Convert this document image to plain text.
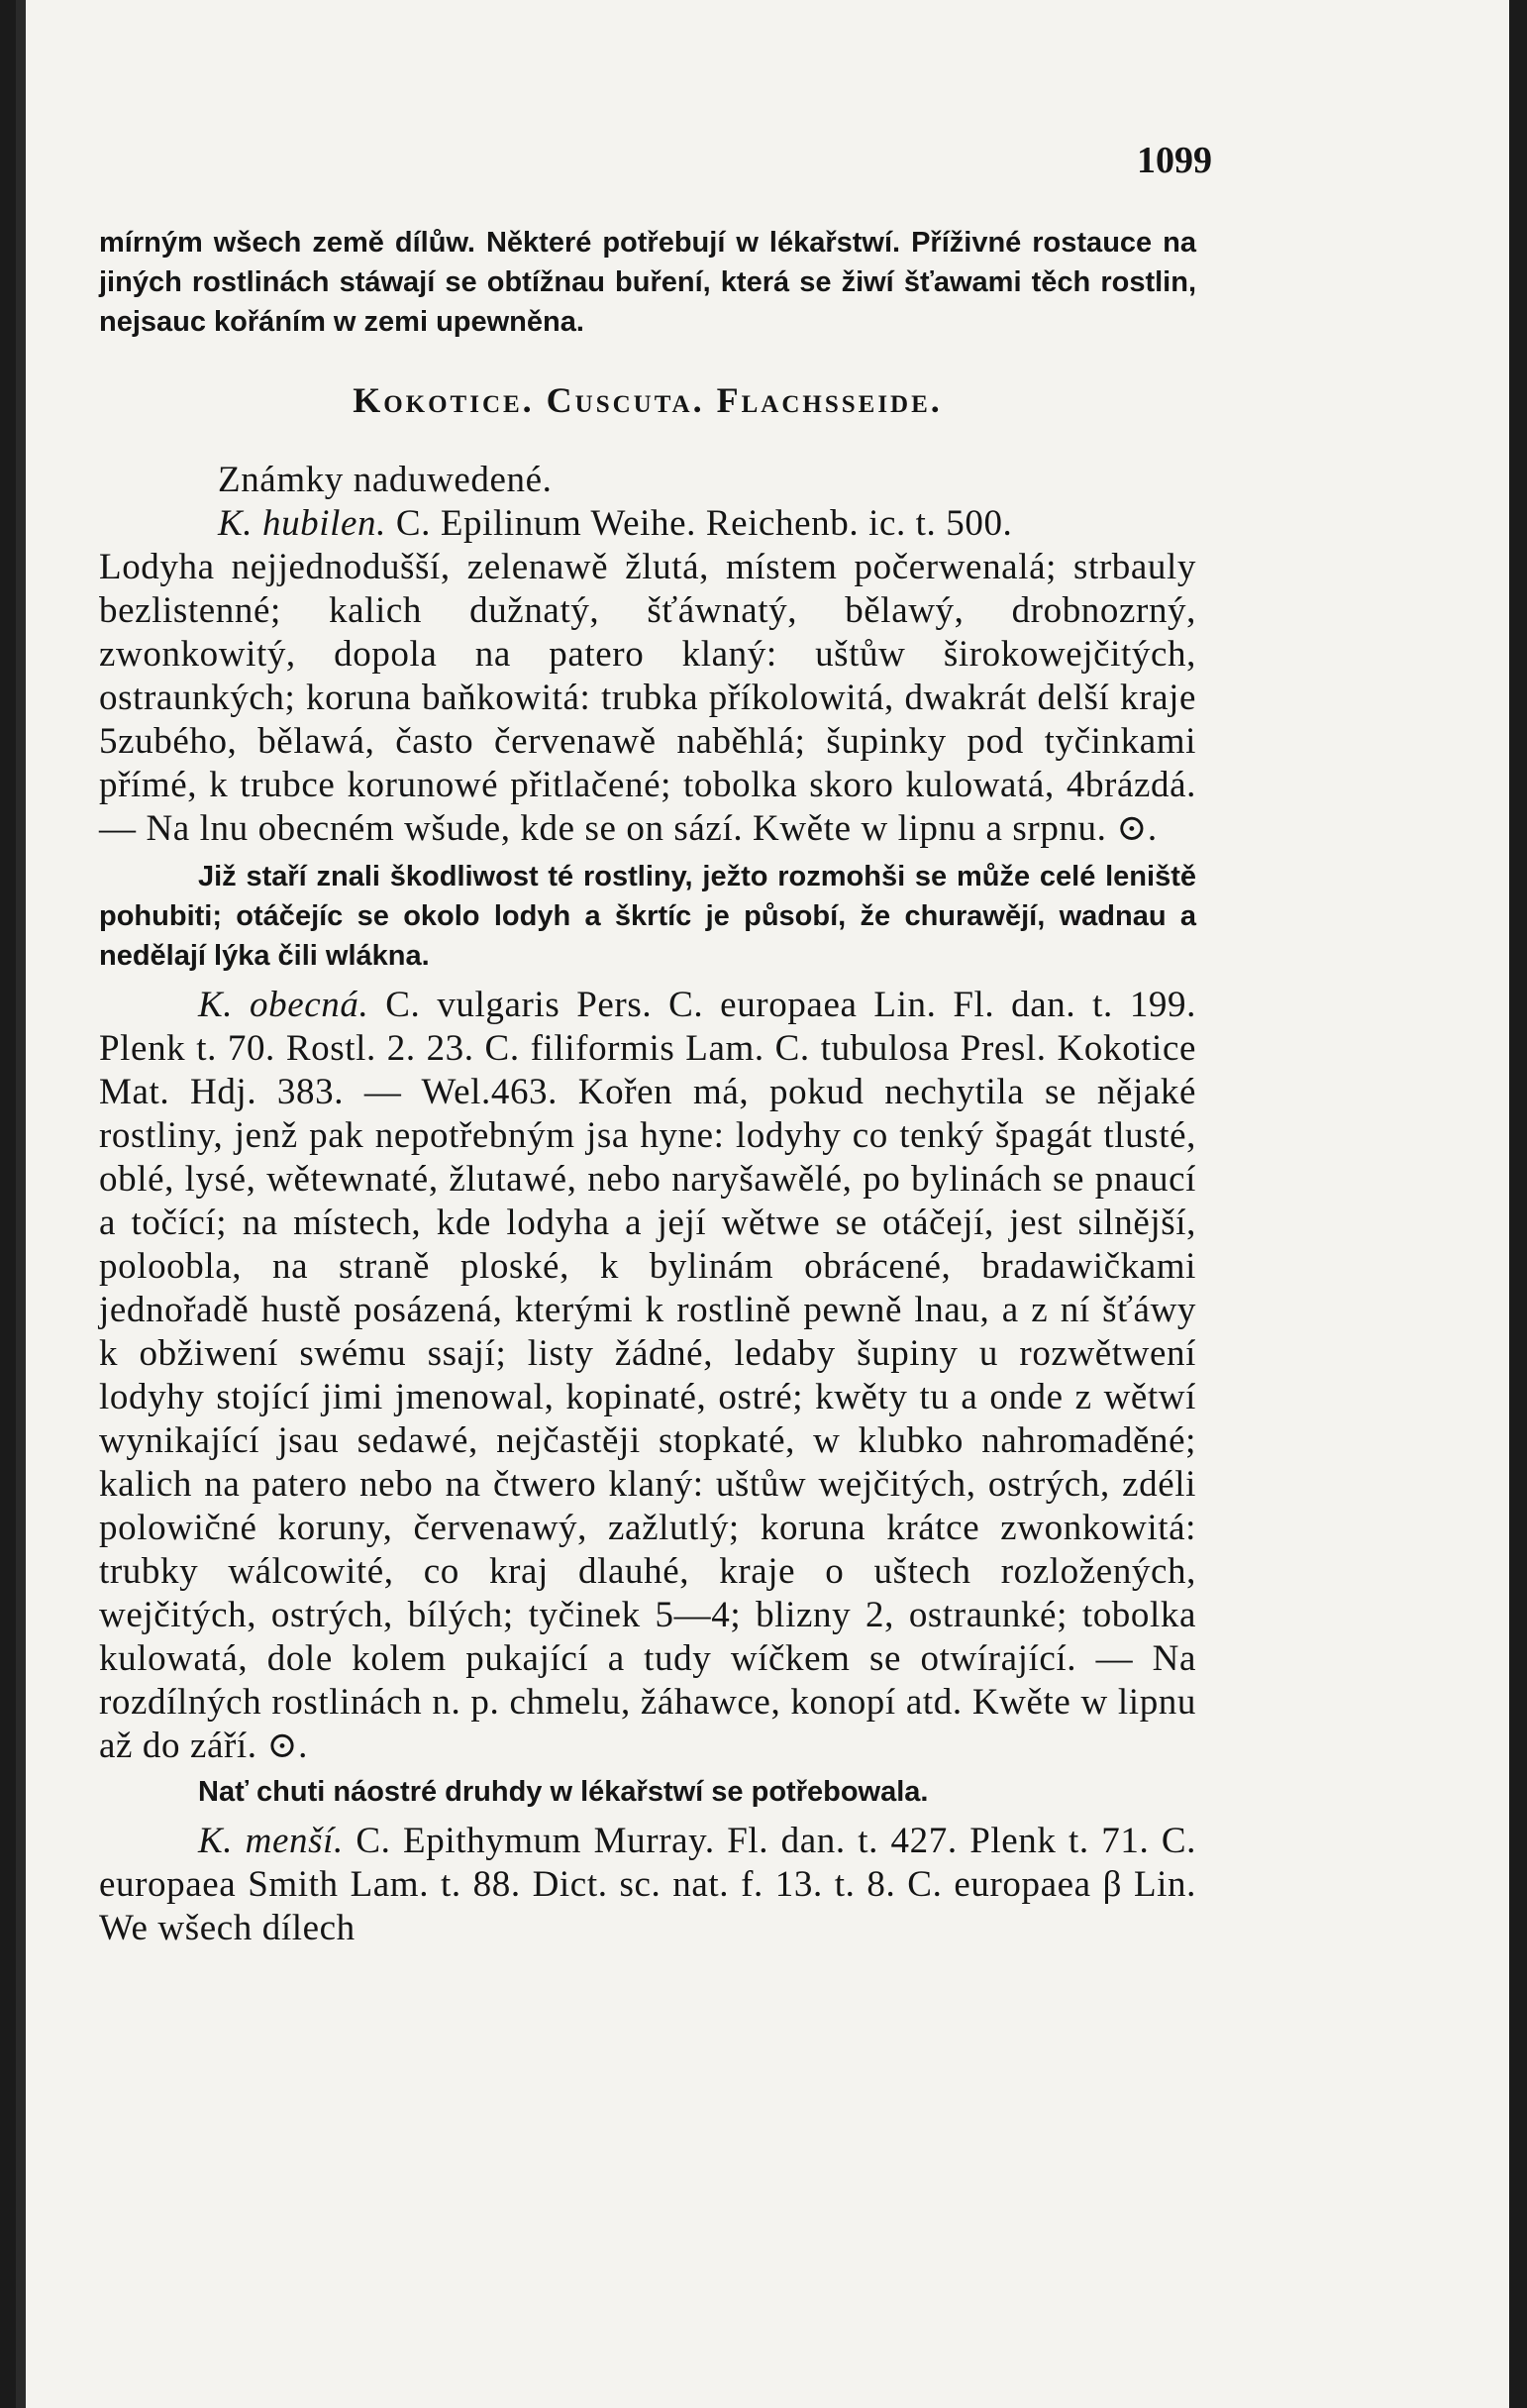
1099

mírným wšech země dílůw. Některé potřebují w lékařstwí. Příživné rostauce na jiných rostlinách stáwají se obtížnau buření, která se žiwí šťawami těch rostlin, nejsauc kořáním w zemi upewněna.

Kokotice. Cuscuta. Flachsseide.

Známky naduwedené.

K. hubilen. C. Epilinum Weihe. Reichenb. ic. t. 500.

Lodyha nejjednodušší, zelenawě žlutá, místem počerwenalá; strbauly bezlistenné; kalich dužnatý, šťáwnatý, bělawý, drobnozrný, zwonkowitý, dopola na patero klaný: uštůw širokowejčitých, ostraunkých; koruna baňkowitá: trubka příkolowitá, dwakrát delší kraje 5zubého, bělawá, často červenawě naběhlá; šupinky pod tyčinkami přímé, k trubce korunowé přitlačené; tobolka skoro kulowatá, 4brázdá. — Na lnu obecném wšude, kde se on sází. Kwěte w lipnu a srpnu. ⊙.

Již staří znali škodliwost té rostliny, ježto rozmohši se může celé leniště pohubiti; otáčejíc se okolo lodyh a škrtíc je působí, že churawějí, wadnau a nedělají lýka čili wlákna.

K. obecná. C. vulgaris Pers. C. europaea Lin. Fl. dan. t. 199. Plenk t. 70. Rostl. 2. 23. C. filiformis Lam. C. tubulosa Presl. Kokotice Mat. Hdj. 383. — Wel.463. Kořen má, pokud nechytila se nějaké rostliny, jenž pak nepotřebným jsa hyne: lodyhy co tenký špagát tlusté, oblé, lysé, wětewnaté, žlutawé, nebo naryšawělé, po bylinách se pnaucí a točící; na místech, kde lodyha a její wětwe se otáčejí, jest silnější, poloobla, na straně ploské, k bylinám obrácené, bradawičkami jednořadě hustě posázená, kterými k rostlině pewně lnau, a z ní šťáwy k obžiwení swému ssají; listy žádné, ledaby šupiny u rozwětwení lodyhy stojící jimi jmenowal, kopinaté, ostré; kwěty tu a onde z wětwí wynikající jsau sedawé, nejčastěji stopkaté, w klubko nahromaděné; kalich na patero nebo na čtwero klaný: uštůw wejčitých, ostrých, zdéli polowičné koruny, červenawý, zažlutlý; koruna krátce zwonkowitá: trubky wálcowité, co kraj dlauhé, kraje o uštech rozložených, wejčitých, ostrých, bílých; tyčinek 5—4; blizny 2, ostraunké; tobolka kulowatá, dole kolem pukající a tudy wíčkem se otwírající. — Na rozdílných rostlinách n. p. chmelu, žáhawce, konopí atd. Kwěte w lipnu až do září. ⊙.

Nať chuti náostré druhdy w lékařstwí se potřebowala.

K. menší. C. Epithymum Murray. Fl. dan. t. 427. Plenk t. 71. C. europaea Smith Lam. t. 88. Dict. sc. nat. f. 13. t. 8. C. europaea β Lin. We wšech dílech
